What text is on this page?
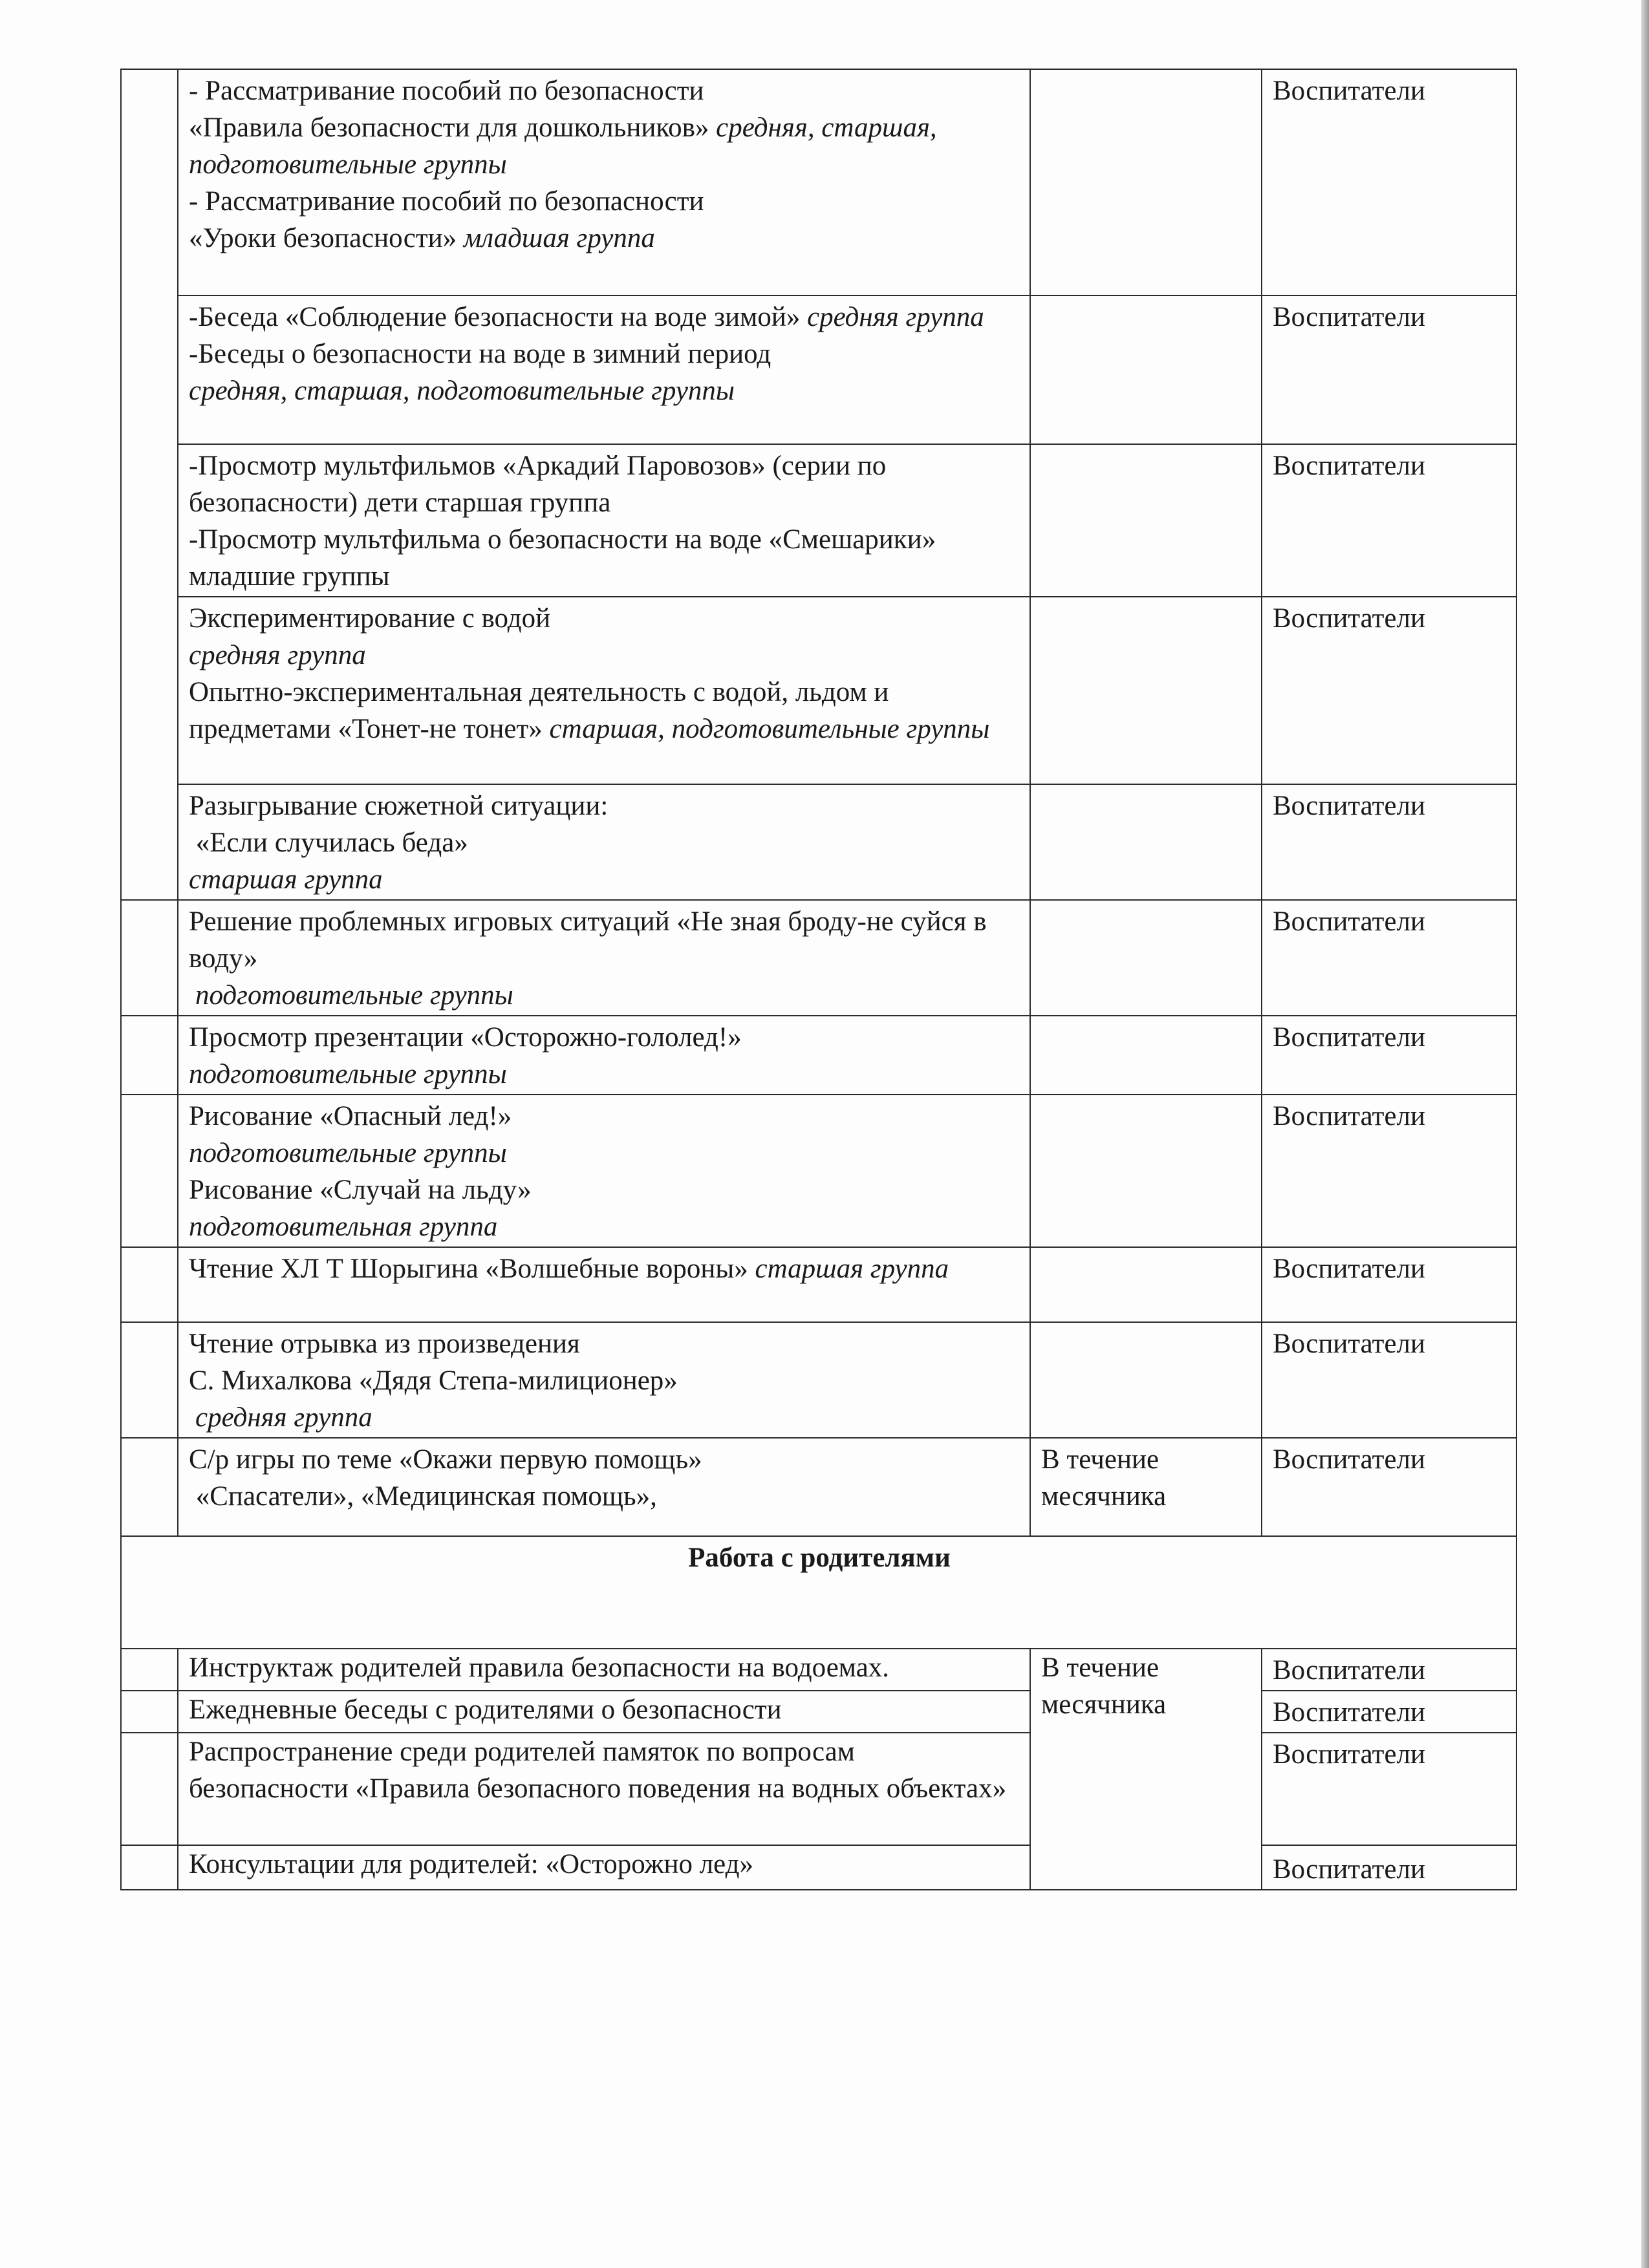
	- Рассматривание пособий по безопасности
«Правила безопасности для дошкольников» средняя, старшая, подготовительные группы
- Рассматривание пособий по безопасности
«Уроки безопасности» младшая группа		Воспитатели
	-Беседа «Соблюдение безопасности на воде зимой» средняя группа
-Беседы о безопасности на воде в зимний период
средняя, старшая, подготовительные группы		Воспитатели

	-Просмотр мультфильмов «Аркадий Паровозов» (серии по безопасности) дети старшая группа
-Просмотр мультфильма о безопасности на воде «Смешарики» младшие группы		Воспитатели

	Экспериментирование с водой
средняя группа
Опытно-экспериментальная деятельность с водой, льдом и предметами «Тонет-не тонет» старшая, подготовительные группы		Воспитатели

	Разыгрывание сюжетной ситуации:
«Если случилась беда»
старшая группа		Воспитатели

	Решение проблемных игровых ситуаций «Не зная броду-не суйся в воду»
подготовительные группы		Воспитатели

	Просмотр презентации «Осторожно-гололед!»
подготовительные группы		Воспитатели

	Рисование «Опасный лед!»
подготовительные группы
Рисование «Случай на льду»
подготовительная группа		Воспитатели
	Чтение ХЛ Т Шорыгина «Волшебные вороны» старшая группа		Воспитатели

	Чтение отрывка из произведения
С. Михалкова «Дядя Степа-милиционер»
средняя группа		Воспитатели

	С/р игры по теме «Окажи первую помощь»
«Спасатели», «Медицинская помощь»,	В течение месячника	Воспитатели
Работа с родителями			
	Инструктаж родителей правила безопасности на водоемах.	В течение месячника	Воспитатели
	Ежедневные беседы с родителями о безопасности		Воспитатели
	Распространение среди родителей памяток по вопросам безопасности «Правила безопасного поведения на водных объектах»		Воспитатели
	Консультации для родителей: «Осторожно лед»		Воспитатели
